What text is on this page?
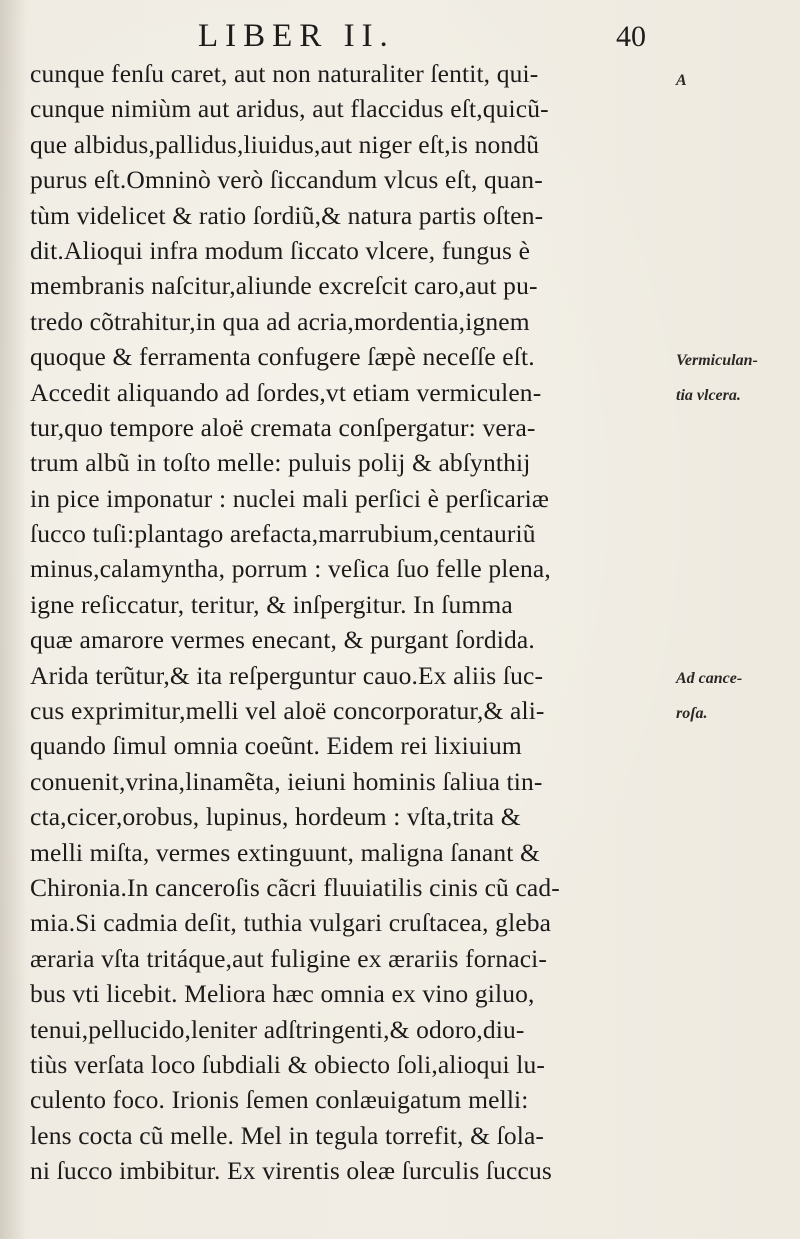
LIBER II.	40
cunque fenſu caret, aut non naturaliter ſentit, qui-
cunque nimiùm aut aridus, aut flaccidus eſt,quicũ-
que albidus,pallidus,liuidus,aut niger eſt,is nondũ
purus eſt.Omninò verò ſiccandum vlcus eſt, quan-
tùm videlicet & ratio ſordiũ,& natura partis oſten-
dit.Alioqui infra modum ſiccato vlcere, fungus è
membranis naſcitur,aliunde excreſcit caro,aut pu-
tredo cõtrahitur,in qua ad acria,mordentia,ignem
quoque & ferramenta confugere ſæpè neceſſe eſt.
Accedit aliquando ad ſordes,vt etiam vermiculen-
tur,quo tempore aloë cremata conſpergatur: vera-
trum albũ in toſto melle: puluis polij & abſynthij
in pice imponatur : nuclei mali perſici è perſicariæ
ſucco tuſi:plantago arefacta,marrubium,centauriũ
minus,calamyntha, porrum : veſica ſuo felle plena,
igne reſiccatur, teritur, & inſpergitur. In ſumma
quæ amarore vermes enecant, & purgant ſordida.
Arida terũtur,& ita reſperguntur cauo.Ex aliis ſuc-
cus exprimitur,melli vel aloë concorporatur,& ali-
quando ſimul omnia coeũnt. Eidem rei lixiuium
conuenit,vrina,linamẽta, ieiuni hominis ſaliua tin-
cta,cicer,orobus, lupinus, hordeum : vſta,trita &
melli miſta, vermes extinguunt, maligna ſanant &
Chironia.In canceroſis cãcri fluuiatilis cinis cũ cad-
mia.Si cadmia deſit, tuthia vulgari cruſtacea, gleba
æraria vſta tritáque,aut fuligine ex ærariis fornaci-
bus vti licebit. Meliora hæc omnia ex vino giluo,
tenui,pellucido,leniter adſtringenti,& odoro,diu-
tiùs verſata loco ſubdiali & obiecto ſoli,alioqui lu-
culento foco. Irionis ſemen conlæuigatum melli:
lens cocta cũ melle. Mel in tegula torrefit, & ſola-
ni ſucco imbibitur. Ex virentis oleæ ſurculis ſuccus
A
Vermiculan-
tia vlcera.
Ad cance-
roſa.
